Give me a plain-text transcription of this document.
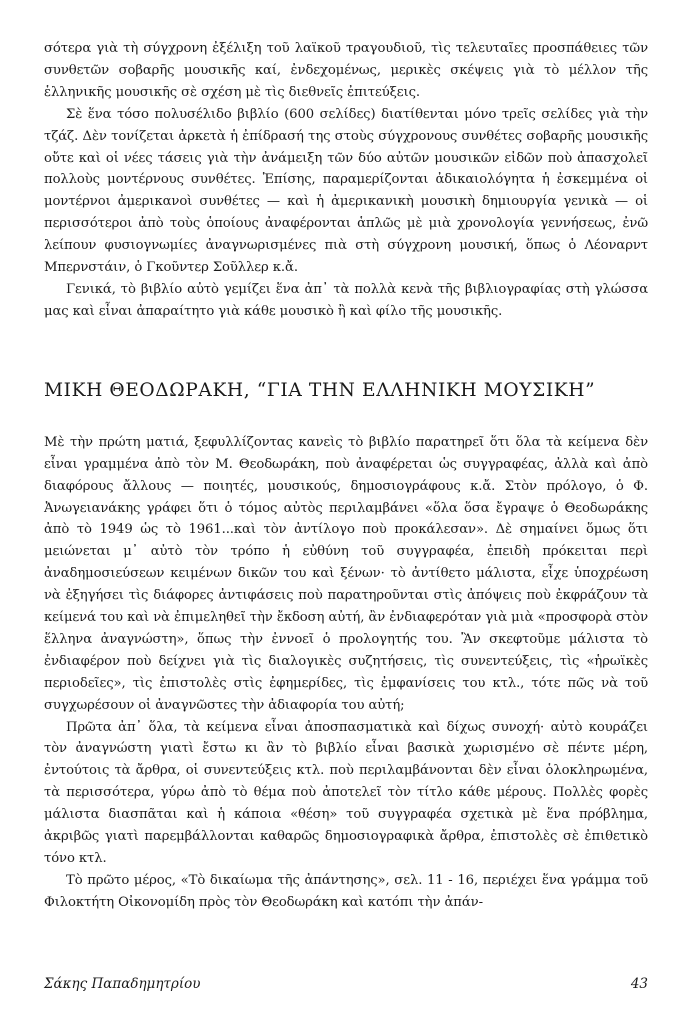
σότερα γιὰ τὴ σύγχρονη ἐξέλιξη τοῦ λαϊκοῦ τραγουδιοῦ, τὶς τελευταῖες προσπάθειες τῶν συνθετῶν σοβαρῆς μουσικῆς καί, ἐνδεχομένως, μερικὲς σκέψεις γιὰ τὸ μέλλον τῆς ἑλληνικῆς μουσικῆς σὲ σχέση μὲ τὶς διεθνεῖς ἐπιτεύξεις.

Σὲ ἕνα τόσο πολυσέλιδο βιβλίο (600 σελίδες) διατίθενται μόνο τρεῖς σελίδες γιὰ τὴν τζάζ. Δὲν τονίζεται ἀρκετὰ ἡ ἐπίδρασή της στοὺς σύγχρονους συνθέτες σοβαρῆς μουσικῆς οὔτε καὶ οἱ νέες τάσεις γιὰ τὴν ἀνάμειξη τῶν δύο αὐτῶν μουσικῶν εἰδῶν ποὺ ἀπασχολεῖ πολλοὺς μοντέρνους συνθέτες. Ἐπίσης, παραμερίζονται ἀδικαιολόγητα ἡ ἐσκεμμένα οἱ μοντέρνοι ἀμερικανοὶ συνθέτες — καὶ ἡ ἀμερικανικὴ μουσικὴ δημιουργία γενικὰ — οἱ περισσότεροι ἀπὸ τοὺς ὁποίους ἀναφέρονται ἁπλῶς μὲ μιὰ χρονολογία γεννήσεως, ἐνῶ λείπουν φυσιογνωμίες ἀναγνωρισμένες πιὰ στὴ σύγχρονη μουσική, ὅπως ὁ Λέοναρντ Μπερνστάιν, ὁ Γκοῦντερ Σοῦλλερ κ.ἄ.

Γενικά, τὸ βιβλίο αὐτὸ γεμίζει ἕνα ἀπ᾽ τὰ πολλὰ κενὰ τῆς βιβλιογραφίας στὴ γλώσσα μας καὶ εἶναι ἀπαραίτητο γιὰ κάθε μουσικὸ ἢ καὶ φίλο τῆς μουσικῆς.

ΜΙΚΗ ΘΕΟΔΩΡΑΚΗ, “ΓΙΑ ΤΗΝ ΕΛΛΗΝΙΚΗ ΜΟΥΣΙΚΗ”

Μὲ τὴν πρώτη ματιά, ξεφυλλίζοντας κανεὶς τὸ βιβλίο παρατηρεῖ ὅτι ὅλα τὰ κείμενα δὲν εἶναι γραμμένα ἀπὸ τὸν Μ. Θεοδωράκη, ποὺ ἀναφέρεται ὡς συγγραφέας, ἀλλὰ καὶ ἀπὸ διαφόρους ἄλλους — ποιητές, μουσικούς, δημοσιογράφους κ.ἄ. Στὸν πρόλογο, ὁ Φ. Ἀνωγειανάκης γράφει ὅτι ὁ τόμος αὐτὸς περιλαμβάνει «ὅλα ὅσα ἔγραψε ὁ Θεοδωράκης ἀπὸ τὸ 1949 ὡς τὸ 1961...καὶ τὸν ἀντίλογο ποὺ προκάλεσαν». Δὲ σημαίνει ὅμως ὅτι μειώνεται μ᾽ αὐτὸ τὸν τρόπο ἡ εὐθύνη τοῦ συγγραφέα, ἐπειδὴ πρόκειται περὶ ἀναδημοσιεύσεων κειμένων δικῶν του καὶ ξένων· τὸ ἀντίθετο μάλιστα, εἶχε ὑποχρέωση νὰ ἐξηγήσει τὶς διάφορες ἀντιφάσεις ποὺ παρατηροῦνται στὶς ἀπόψεις ποὺ ἐκφράζουν τὰ κείμενά του καὶ νὰ ἐπιμεληθεῖ τὴν ἔκδοση αὐτή, ἂν ἐνδιαφερόταν γιὰ μιὰ «προσφορὰ στὸν ἕλληνα ἀναγνώστη», ὅπως τὴν ἐννοεῖ ὁ προλογητής του. Ἂν σκεφτοῦμε μάλιστα τὸ ἐνδιαφέρον ποὺ δείχνει γιὰ τὶς διαλογικὲς συζητήσεις, τὶς συνεντεύξεις, τὶς «ἡρωϊκὲς περιοδεῖες», τὶς ἐπιστολὲς στὶς ἐφημερίδες, τὶς ἐμφανίσεις του κτλ., τότε πῶς νὰ τοῦ συγχωρέσουν οἱ ἀναγνῶστες τὴν ἀδιαφορία του αὐτή;

Πρῶτα ἀπ᾽ ὅλα, τὰ κείμενα εἶναι ἀποσπασματικὰ καὶ δίχως συνοχή· αὐτὸ κουράζει τὸν ἀναγνώστη γιατὶ ἔστω κι ἂν τὸ βιβλίο εἶναι βασικὰ χωρισμένο σὲ πέντε μέρη, ἐντούτοις τὰ ἄρθρα, οἱ συνεντεύξεις κτλ. ποὺ περιλαμβάνονται δὲν εἶναι ὁλοκληρωμένα, τὰ περισσότερα, γύρω ἀπὸ τὸ θέμα ποὺ ἀποτελεῖ τὸν τίτλο κάθε μέρους. Πολλὲς φορὲς μάλιστα διασπᾶται καὶ ἡ κάποια «θέση» τοῦ συγγραφέα σχετικὰ μὲ ἕνα πρόβλημα, ἀκριβῶς γιατὶ παρεμβάλλονται καθαρῶς δημοσιογραφικὰ ἄρθρα, ἐπιστολὲς σὲ ἐπιθετικὸ τόνο κτλ.

Τὸ πρῶτο μέρος, «Τὸ δικαίωμα τῆς ἀπάντησης», σελ. 11 - 16, περιέχει ἕνα γράμμα τοῦ Φιλοκτήτη Οἰκονομίδη πρὸς τὸν Θεοδωράκη καὶ κατόπι τὴν ἀπάν-

Σάκης Παπαδημητρίου	43
